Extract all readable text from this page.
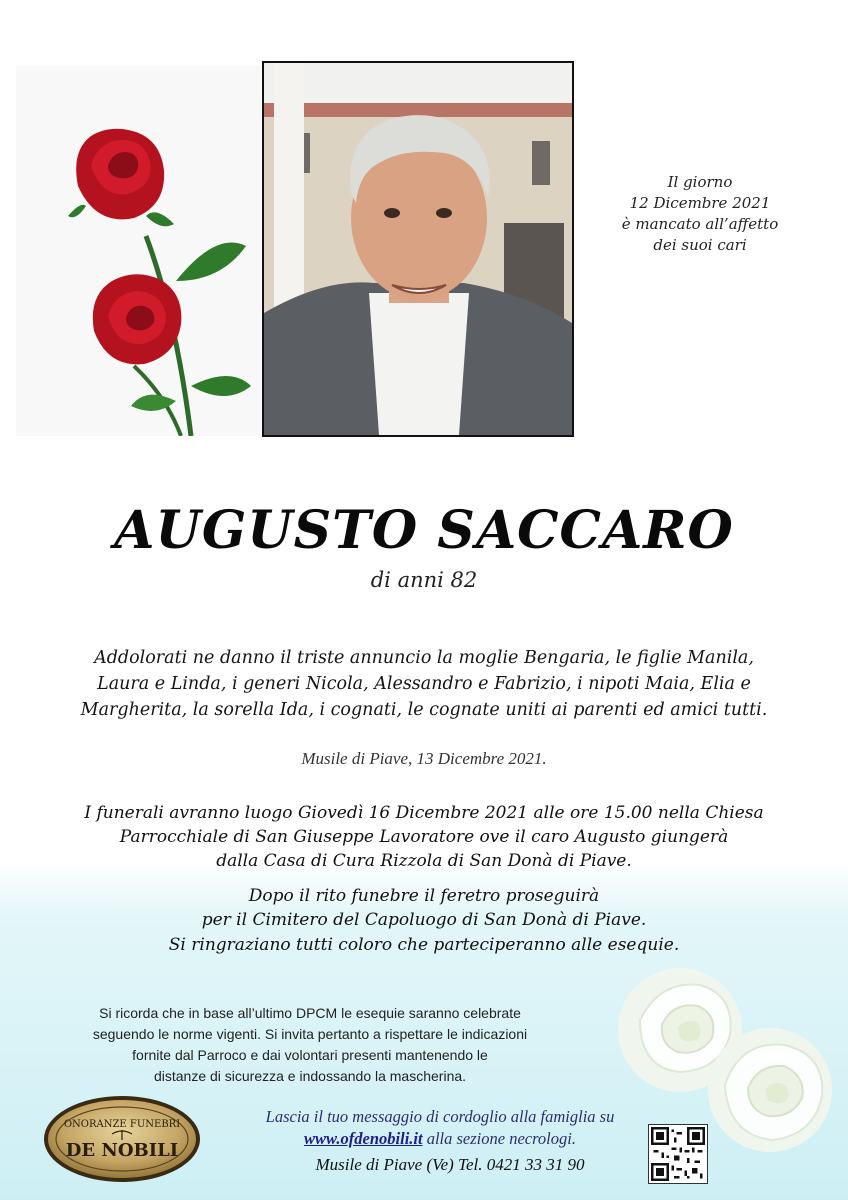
Il giorno
12 Dicembre 2021
è mancato all’affetto
dei suoi cari
AUGUSTO SACCARO
di anni 82
Addolorati ne danno il triste annuncio la moglie Bengaria, le figlie Manila,
Laura e Linda, i generi Nicola, Alessandro e Fabrizio, i nipoti Maia, Elia e
Margherita, la sorella Ida, i cognati, le cognate uniti ai parenti ed amici tutti.
Musile di Piave, 13 Dicembre 2021.
I funerali avranno luogo Giovedì 16 Dicembre 2021 alle ore 15.00 nella Chiesa
Parrocchiale di San Giuseppe Lavoratore ove il caro Augusto giungerà
dalla Casa di Cura Rizzola di San Donà di Piave.
Dopo il rito funebre il feretro proseguirà
per il Cimitero del Capoluogo di San Donà di Piave.
Si ringraziano tutti coloro che parteciperanno alle esequie.
Si ricorda che in base all’ultimo DPCM le esequie saranno celebrate
seguendo le norme vigenti. Si invita pertanto a rispettare le indicazioni
fornite dal Parroco e dai volontari presenti mantenendo le
distanze di sicurezza e indossando la mascherina.
ONORANZE FUNEBRI
DE NOBILI
Lascia il tuo messaggio di cordoglio alla famiglia su
www.ofdenobili.it alla sezione necrologi.
Musile di Piave (Ve) Tel. 0421 33 31 90
